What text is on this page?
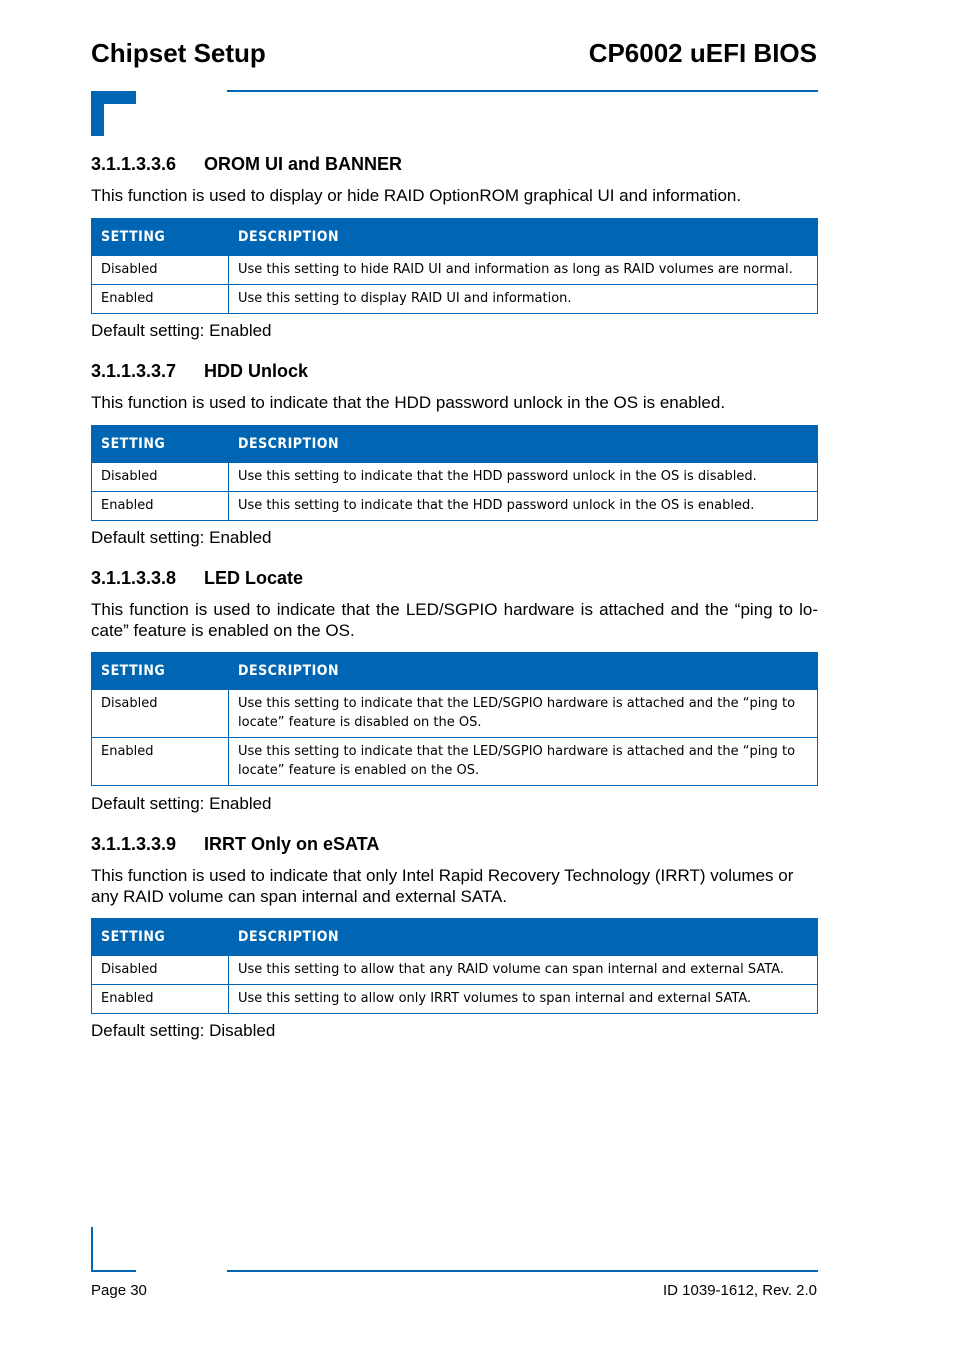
Chipset Setup	CP6002 uEFI BIOS
3.1.1.3.3.6 OROM UI and BANNER

This function is used to display or hide RAID OptionROM graphical UI and information.

SETTING	DESCRIPTION
Disabled	Use this setting to hide RAID UI and information as long as RAID volumes are normal.
Enabled	Use this setting to display RAID UI and information.

Default setting: Enabled

3.1.1.3.3.7 HDD Unlock

This function is used to indicate that the HDD password unlock in the OS is enabled.

SETTING	DESCRIPTION
Disabled	Use this setting to indicate that the HDD password unlock in the OS is disabled.
Enabled	Use this setting to indicate that the HDD password unlock in the OS is enabled.

Default setting: Enabled

3.1.1.3.3.8 LED Locate

This function is used to indicate that the LED/SGPIO hardware is attached and the “ping to lo-cate” feature is enabled on the OS.

SETTING	DESCRIPTION
Disabled	Use this setting to indicate that the LED/SGPIO hardware is attached and the “ping to locate” feature is disabled on the OS.
Enabled	Use this setting to indicate that the LED/SGPIO hardware is attached and the “ping to locate” feature is enabled on the OS.

Default setting: Enabled

3.1.1.3.3.9 IRRT Only on eSATA

This function is used to indicate that only Intel Rapid Recovery Technology (IRRT) volumes or any RAID volume can span internal and external SATA.

SETTING	DESCRIPTION
Disabled	Use this setting to allow that any RAID volume can span internal and external SATA.
Enabled	Use this setting to allow only IRRT volumes to span internal and external SATA.

Default setting: Disabled

Page 30	ID 1039-1612, Rev. 2.0
